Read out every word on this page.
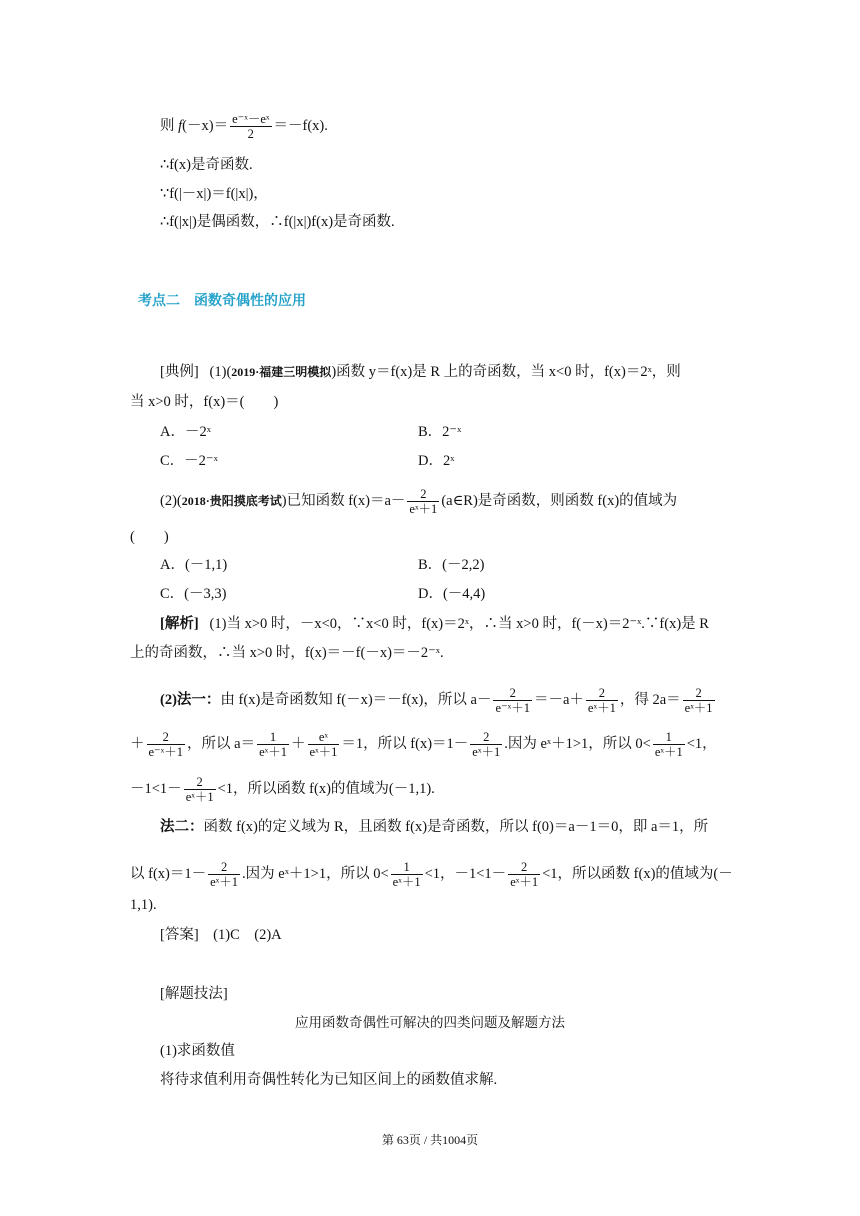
则 $f(-x)= \frac{\text{e⁻ˣ－eˣ}}{2} =-f(x)$.
∴f(x)是奇函数.
∵f(|－x|)＝f(|x|)，
∴f(|x|)是偶函数，∴f(|x|)f(x)是奇函数.
考点二　函数奇偶性的应用
[典例] (1)(2019·福建三明模拟)函数 y＝f(x)是 R 上的奇函数，当 x<0 时，f(x)＝2ˣ，则
当 x>0 时，f(x)＝(　　)
A．－2ˣ	B．2⁻ˣ
C．－2⁻ˣ	D．2ˣ
(2)(2018·贵阳摸底考试)已知函数 $f(x)=a- \frac{2}{\text{eˣ＋1}}$ (a∈R)是奇函数，则函数 f(x)的值域为
(　　)
A．(－1,1)	B．(－2,2)
C．(－3,3)	D．(－4,4)
[解析] (1)当 x>0 时，－x<0，∵x<0 时，f(x)＝2ˣ，∴当 x>0 时，f(－x)＝2⁻ˣ.∵f(x)是 R
上的奇函数，∴当 x>0 时，f(x)＝－f(－x)＝－2⁻ˣ.
(2)法一：由 f(x)是奇函数知 f(－x)＝－f(x)，所以 $a- \frac{2}{\text{e⁻ˣ＋1}} =-a+ \frac{2}{\text{eˣ＋1}}$ ，得 $2a= \frac{2}{\text{eˣ＋1}}$
＋ $\frac{2}{\text{e⁻ˣ＋1}}$ ，所以 $a= \frac{1}{\text{eˣ＋1}} + \frac{\text{eˣ}}{\text{eˣ＋1}} =1$，所以 $f(x)=1- \frac{2}{\text{eˣ＋1}}$ .因为 eˣ＋1>1，所以 $0< \frac{1}{\text{eˣ＋1}} <1$，
$-1<1- \frac{2}{\text{eˣ＋1}} <1$，所以函数 f(x)的值域为(－1,1).
法二：函数 f(x)的定义域为 R，且函数 f(x)是奇函数，所以 f(0)＝a－1＝0，即 a＝1，所
以 $f(x)=1- \frac{2}{\text{eˣ＋1}}$ .因为 eˣ＋1>1，所以 $0< \frac{1}{\text{eˣ＋1}} <1$，$-1<1- \frac{2}{\text{eˣ＋1}} <1$，所以函数 f(x)的值域为(－
1,1).
[答案]　(1)C　(2)A
[解题技法]
应用函数奇偶性可解决的四类问题及解题方法
(1)求函数值
将待求值利用奇偶性转化为已知区间上的函数值求解.
第 63页 / 共1004页
